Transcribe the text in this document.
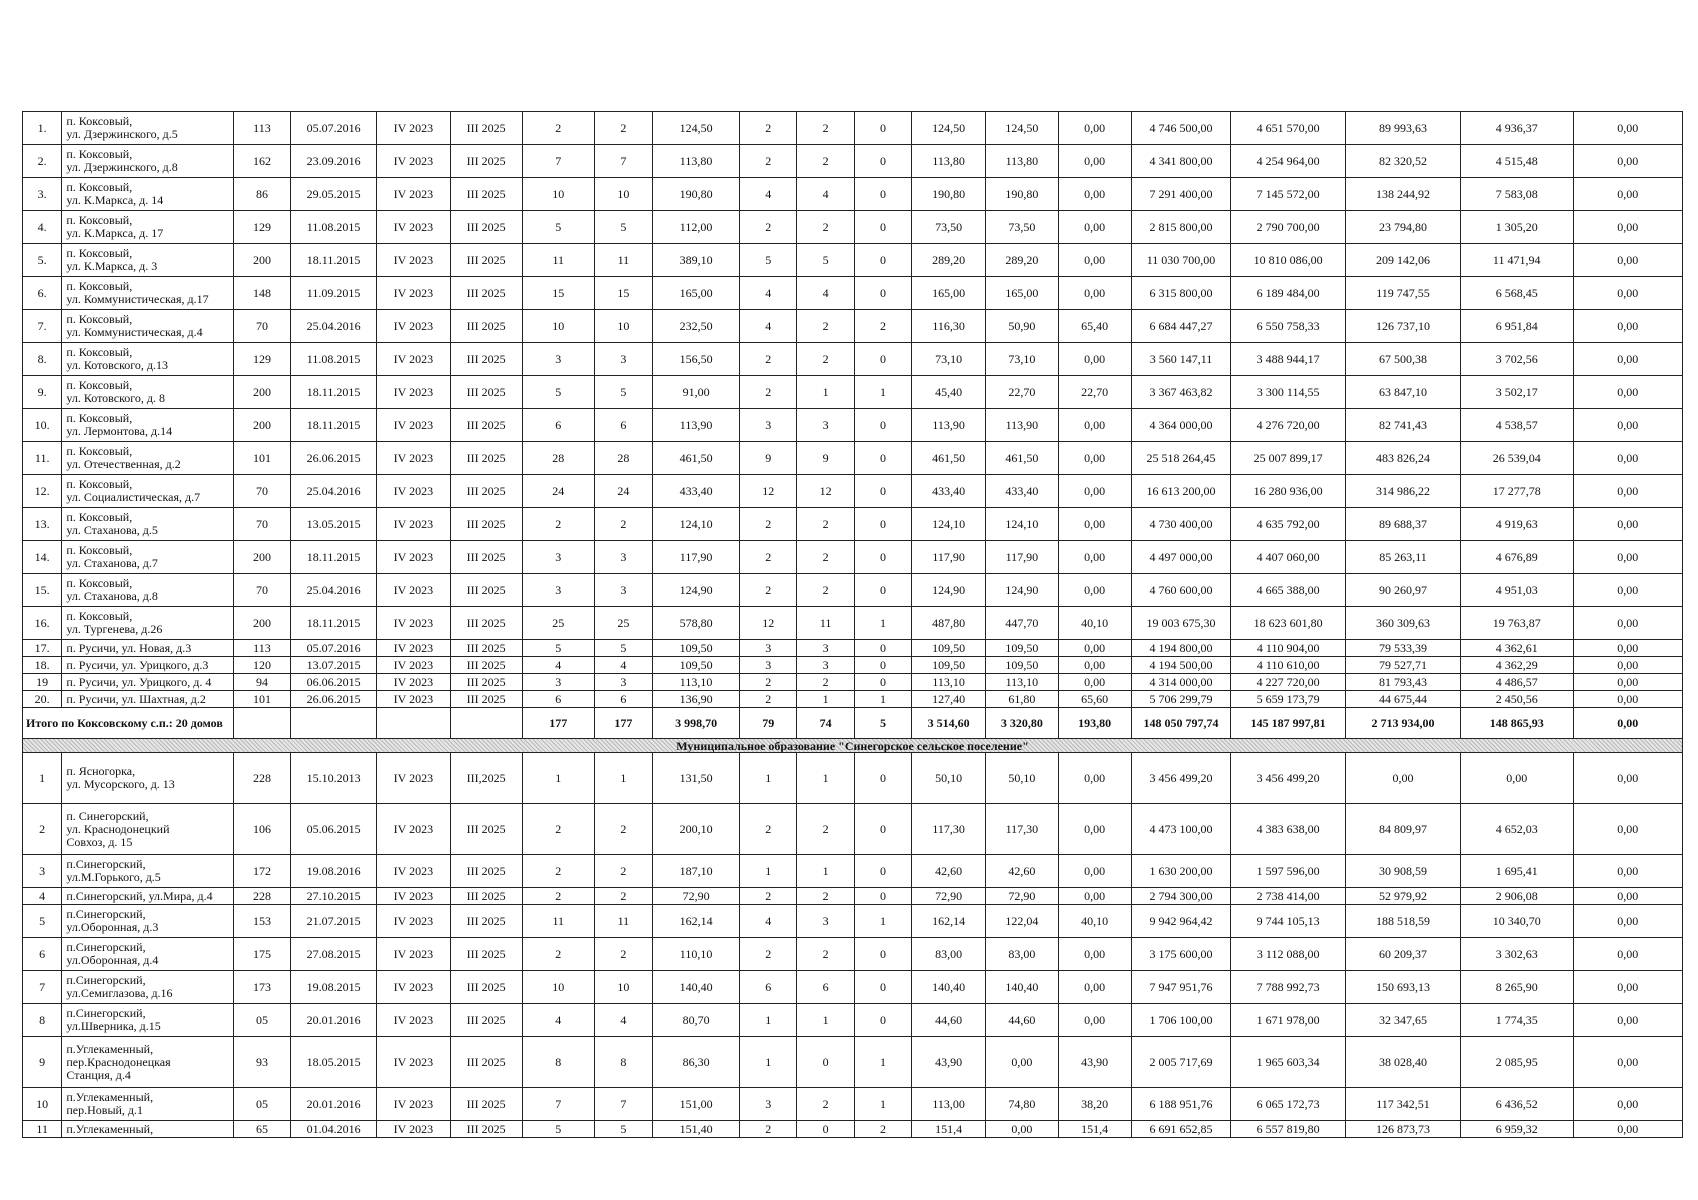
1.	п. Коксовый,
ул. Дзержинского, д.5	113	05.07.2016	IV 2023	III 2025	2	2	124,50	2	2	0	124,50	124,50	0,00	4 746 500,00	4 651 570,00	89 993,63	4 936,37	0,00
2.	п. Коксовый,
ул. Дзержинского, д.8	162	23.09.2016	IV 2023	III 2025	7	7	113,80	2	2	0	113,80	113,80	0,00	4 341 800,00	4 254 964,00	82 320,52	4 515,48	0,00
3.	п. Коксовый,
ул. К.Маркса, д. 14	86	29.05.2015	IV 2023	III 2025	10	10	190,80	4	4	0	190,80	190,80	0,00	7 291 400,00	7 145 572,00	138 244,92	7 583,08	0,00
4.	п. Коксовый,
ул. К.Маркса, д. 17	129	11.08.2015	IV 2023	III 2025	5	5	112,00	2	2	0	73,50	73,50	0,00	2 815 800,00	2 790 700,00	23 794,80	1 305,20	0,00
5.	п. Коксовый,
ул. К.Маркса, д. 3	200	18.11.2015	IV 2023	III 2025	11	11	389,10	5	5	0	289,20	289,20	0,00	11 030 700,00	10 810 086,00	209 142,06	11 471,94	0,00
6.	п. Коксовый,
ул. Коммунистическая, д.17	148	11.09.2015	IV 2023	III 2025	15	15	165,00	4	4	0	165,00	165,00	0,00	6 315 800,00	6 189 484,00	119 747,55	6 568,45	0,00
7.	п. Коксовый,
ул. Коммунистическая, д.4	70	25.04.2016	IV 2023	III 2025	10	10	232,50	4	2	2	116,30	50,90	65,40	6 684 447,27	6 550 758,33	126 737,10	6 951,84	0,00
8.	п. Коксовый,
ул. Котовского, д.13	129	11.08.2015	IV 2023	III 2025	3	3	156,50	2	2	0	73,10	73,10	0,00	3 560 147,11	3 488 944,17	67 500,38	3 702,56	0,00
9.	п. Коксовый,
ул. Котовского, д. 8	200	18.11.2015	IV 2023	III 2025	5	5	91,00	2	1	1	45,40	22,70	22,70	3 367 463,82	3 300 114,55	63 847,10	3 502,17	0,00
10.	п. Коксовый,
ул. Лермонтова, д.14	200	18.11.2015	IV 2023	III 2025	6	6	113,90	3	3	0	113,90	113,90	0,00	4 364 000,00	4 276 720,00	82 741,43	4 538,57	0,00
11.	п. Коксовый,
ул. Отечественная, д.2	101	26.06.2015	IV 2023	III 2025	28	28	461,50	9	9	0	461,50	461,50	0,00	25 518 264,45	25 007 899,17	483 826,24	26 539,04	0,00
12.	п. Коксовый,
ул. Социалистическая, д.7	70	25.04.2016	IV 2023	III 2025	24	24	433,40	12	12	0	433,40	433,40	0,00	16 613 200,00	16 280 936,00	314 986,22	17 277,78	0,00
13.	п. Коксовый,
ул. Стаханова, д.5	70	13.05.2015	IV 2023	III 2025	2	2	124,10	2	2	0	124,10	124,10	0,00	4 730 400,00	4 635 792,00	89 688,37	4 919,63	0,00
14.	п. Коксовый,
ул. Стаханова, д.7	200	18.11.2015	IV 2023	III 2025	3	3	117,90	2	2	0	117,90	117,90	0,00	4 497 000,00	4 407 060,00	85 263,11	4 676,89	0,00
15.	п. Коксовый,
ул. Стаханова, д.8	70	25.04.2016	IV 2023	III 2025	3	3	124,90	2	2	0	124,90	124,90	0,00	4 760 600,00	4 665 388,00	90 260,97	4 951,03	0,00
16.	п. Коксовый,
ул. Тургенева, д.26	200	18.11.2015	IV 2023	III 2025	25	25	578,80	12	11	1	487,80	447,70	40,10	19 003 675,30	18 623 601,80	360 309,63	19 763,87	0,00
17.	п. Русичи, ул. Новая, д.3	113	05.07.2016	IV 2023	III 2025	5	5	109,50	3	3	0	109,50	109,50	0,00	4 194 800,00	4 110 904,00	79 533,39	4 362,61	0,00
18.	п. Русичи, ул. Урицкого, д.3	120	13.07.2015	IV 2023	III 2025	4	4	109,50	3	3	0	109,50	109,50	0,00	4 194 500,00	4 110 610,00	79 527,71	4 362,29	0,00
19	п. Русичи, ул. Урицкого, д. 4	94	06.06.2015	IV 2023	III 2025	3	3	113,10	2	2	0	113,10	113,10	0,00	4 314 000,00	4 227 720,00	81 793,43	4 486,57	0,00
20.	п. Русичи, ул. Шахтная, д.2	101	26.06.2015	IV 2023	III 2025	6	6	136,90	2	1	1	127,40	61,80	65,60	5 706 299,79	5 659 173,79	44 675,44	2 450,56	0,00
Итого по Коксовскому с.п.: 20 домов						177	177	3 998,70	79	74	5	3 514,60	3 320,80	193,80	148 050 797,74	145 187 997,81	2 713 934,00	148 865,93	0,00
Муниципальное образование "Синегорское сельское поселение"																			
1	п. Ясногорка,
ул. Мусорского, д. 13	228	15.10.2013	IV 2023	III,2025	1	1	131,50	1	1	0	50,10	50,10	0,00	3 456 499,20	3 456 499,20	0,00	0,00	0,00
2	п. Синегорский,
ул. Краснодонецкий
Совхоз, д. 15	106	05.06.2015	IV 2023	III 2025	2	2	200,10	2	2	0	117,30	117,30	0,00	4 473 100,00	4 383 638,00	84 809,97	4 652,03	0,00
3	п.Синегорский,
ул.М.Горького, д.5	172	19.08.2016	IV 2023	III 2025	2	2	187,10	1	1	0	42,60	42,60	0,00	1 630 200,00	1 597 596,00	30 908,59	1 695,41	0,00
4	п.Синегорский, ул.Мира, д.4	228	27.10.2015	IV 2023	III 2025	2	2	72,90	2	2	0	72,90	72,90	0,00	2 794 300,00	2 738 414,00	52 979,92	2 906,08	0,00
5	п.Синегорский,
ул.Оборонная, д.3	153	21.07.2015	IV 2023	III 2025	11	11	162,14	4	3	1	162,14	122,04	40,10	9 942 964,42	9 744 105,13	188 518,59	10 340,70	0,00
6	п.Синегорский,
ул.Оборонная, д.4	175	27.08.2015	IV 2023	III 2025	2	2	110,10	2	2	0	83,00	83,00	0,00	3 175 600,00	3 112 088,00	60 209,37	3 302,63	0,00
7	п.Синегорский,
ул.Семиглазова, д.16	173	19.08.2015	IV 2023	III 2025	10	10	140,40	6	6	0	140,40	140,40	0,00	7 947 951,76	7 788 992,73	150 693,13	8 265,90	0,00
8	п.Синегорский,
ул.Шверника, д.15	05	20.01.2016	IV 2023	III 2025	4	4	80,70	1	1	0	44,60	44,60	0,00	1 706 100,00	1 671 978,00	32 347,65	1 774,35	0,00
9	п.Углекаменный,
пер.Краснодонецкая
Станция, д.4	93	18.05.2015	IV 2023	III 2025	8	8	86,30	1	0	1	43,90	0,00	43,90	2 005 717,69	1 965 603,34	38 028,40	2 085,95	0,00
10	п.Углекаменный,
пер.Новый, д.1	05	20.01.2016	IV 2023	III 2025	7	7	151,00	3	2	1	113,00	74,80	38,20	6 188 951,76	6 065 172,73	117 342,51	6 436,52	0,00
11	п.Углекаменный,	65	01.04.2016	IV 2023	III 2025	5	5	151,40	2	0	2	151,4	0,00	151,4	6 691 652,85	6 557 819,80	126 873,73	6 959,32	0,00
